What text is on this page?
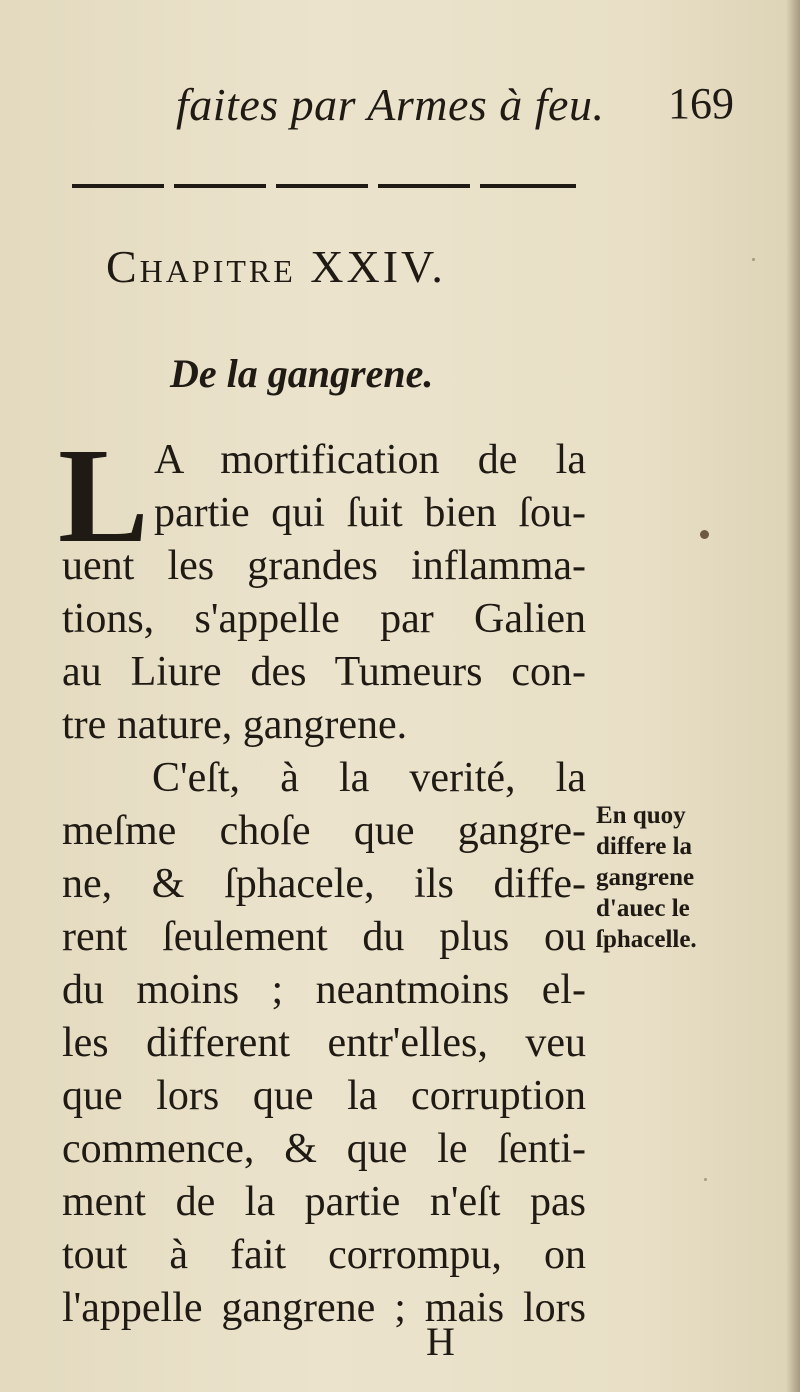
faites par Armes à feu. 169
Chapitre XXIV.
De la gangrene.
L A mortification de la
partie qui ſuit bien ſou-
uent les grandes inflamma-
tions, s'appelle par Galien
au Liure des Tumeurs con-
tre nature, gangrene.
C'eſt, à la verité, la
meſme choſe que gangre-
ne, & ſphacele, ils diffe-
rent ſeulement du plus ou
du moins ; neantmoins el-
les different entr'elles, veu
que lors que la corruption
commence, & que le ſenti-
ment de la partie n'eſt pas
tout à fait corrompu, on
l'appelle gangrene ; mais lors
En quoy
differe la
gangrene
d'auec le
ſphacelle.
H
